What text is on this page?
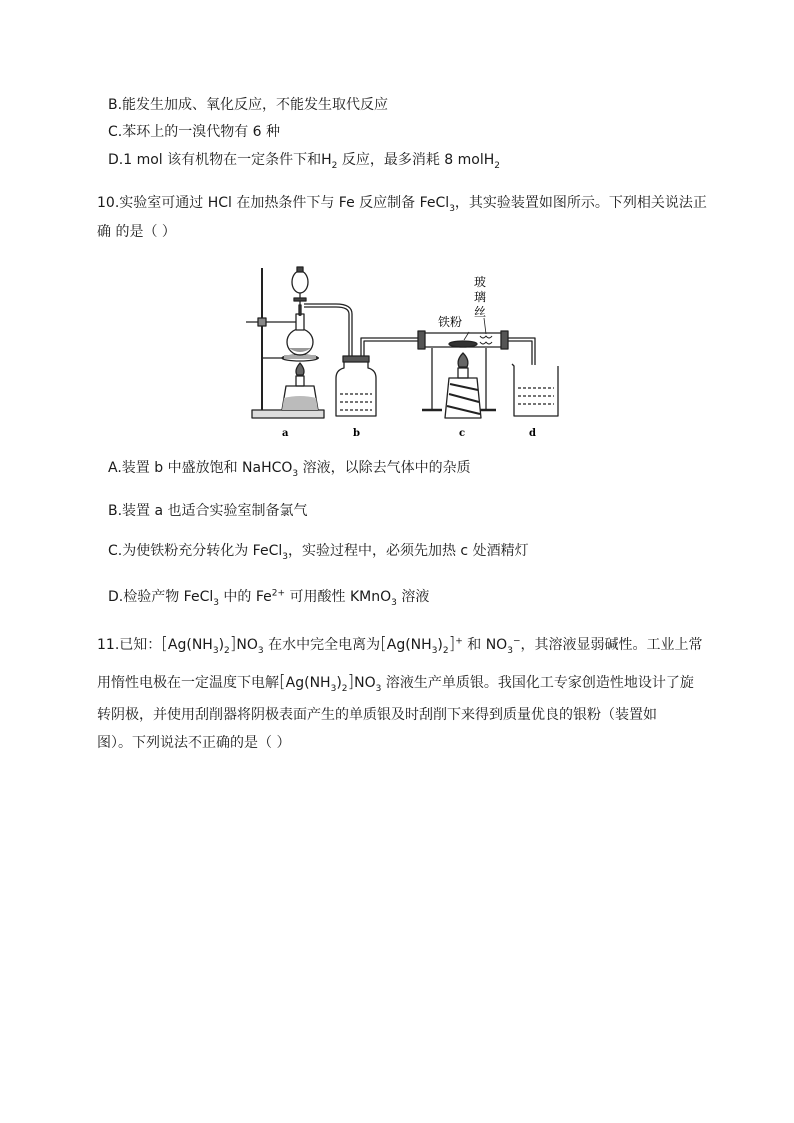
B.能发生加成、氧化反应，不能发生取代反应
C.苯环上的一溴代物有 6 种
D.1 mol 该有机物在一定条件下和$H_2$ 反应，最多消耗 8 molH$_2$
10.实验室可通过 HCl 在加热条件下与 Fe 反应制备 FeCl$_3$，其实验装置如图所示。下列相关说法正
确 的是（ ）
a	b	c	d
铁粉
玻
璃
丝
A.装置 b 中盛放饱和 NaHCO$_3$ 溶液，以除去气体中的杂质
B.装置 a 也适合实验室制备氯气
C.为使铁粉充分转化为 FeCl$_3$，实验过程中，必须先加热 c 处酒精灯
D.检验产物 FeCl$_3$ 中的 $Fe^{2+}$ 可用酸性 KMnO$_3$ 溶液
11.已知：$[Ag(NH_3)_2]NO_3$ 在水中完全电离为$[Ag(NH_3)_2]^+$ 和 $NO_3^-$，其溶液显弱碱性。工业上常
用惰性电极在一定温度下电解$[Ag(NH_3)_2]NO_3$ 溶液生产单质银。我国化工专家创造性地设计了旋
转阴极，并使用刮削器将阴极表面产生的单质银及时刮削下来得到质量优良的银粉（装置如
图）。下列说法不正确的是（ ）
